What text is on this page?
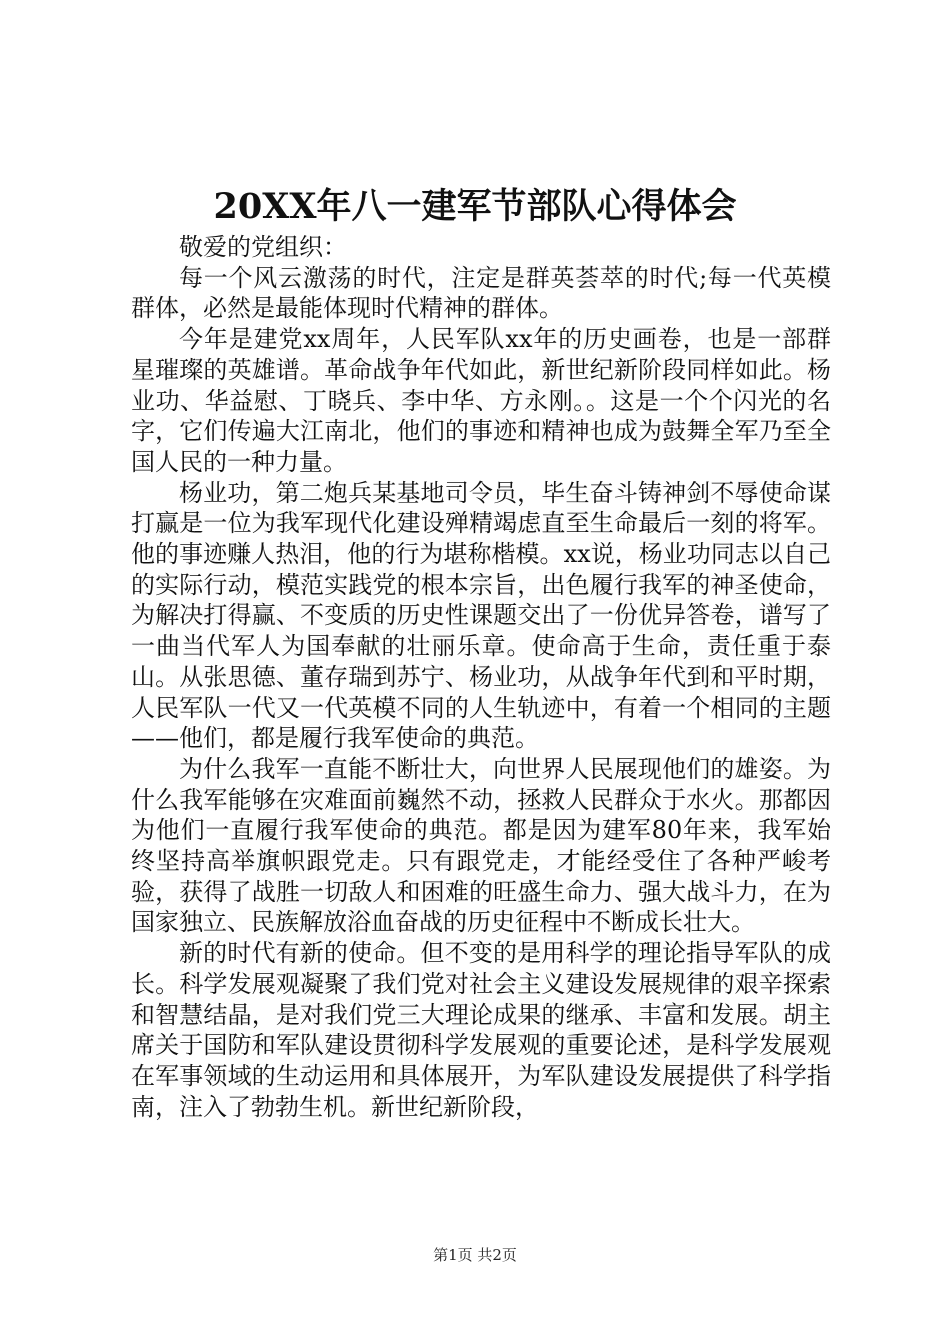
20XX年八一建军节部队心得体会

敬爱的党组织：

每一个风云激荡的时代，注定是群英荟萃的时代;每一代英模群体，必然是最能体现时代精神的群体。

今年是建党xx周年，人民军队xx年的历史画卷，也是一部群星璀璨的英雄谱。革命战争年代如此，新世纪新阶段同样如此。杨业功、华益慰、丁晓兵、李中华、方永刚。。这是一个个闪光的名字，它们传遍大江南北，他们的事迹和精神也成为鼓舞全军乃至全国人民的一种力量。

杨业功，第二炮兵某基地司令员，毕生奋斗铸神剑不辱使命谋打赢是一位为我军现代化建设殚精竭虑直至生命最后一刻的将军。他的事迹赚人热泪，他的行为堪称楷模。xx说，杨业功同志以自己的实际行动，模范实践党的根本宗旨，出色履行我军的神圣使命，为解决打得赢、不变质的历史性课题交出了一份优异答卷，谱写了一曲当代军人为国奉献的壮丽乐章。使命高于生命，责任重于泰山。从张思德、董存瑞到苏宁、杨业功，从战争年代到和平时期，人民军队一代又一代英模不同的人生轨迹中，有着一个相同的主题——他们，都是履行我军使命的典范。

为什么我军一直能不断壮大，向世界人民展现他们的雄姿。为什么我军能够在灾难面前巍然不动，拯救人民群众于水火。那都因为他们一直履行我军使命的典范。都是因为建军80年来，我军始终坚持高举旗帜跟党走。只有跟党走，才能经受住了各种严峻考验，获得了战胜一切敌人和困难的旺盛生命力、强大战斗力，在为国家独立、民族解放浴血奋战的历史征程中不断成长壮大。

新的时代有新的使命。但不变的是用科学的理论指导军队的成长。科学发展观凝聚了我们党对社会主义建设发展规律的艰辛探索和智慧结晶，是对我们党三大理论成果的继承、丰富和发展。胡主席关于国防和军队建设贯彻科学发展观的重要论述，是科学发展观在军事领域的生动运用和具体展开，为军队建设发展提供了科学指南，注入了勃勃生机。新世纪新阶段，

第1页 共2页
